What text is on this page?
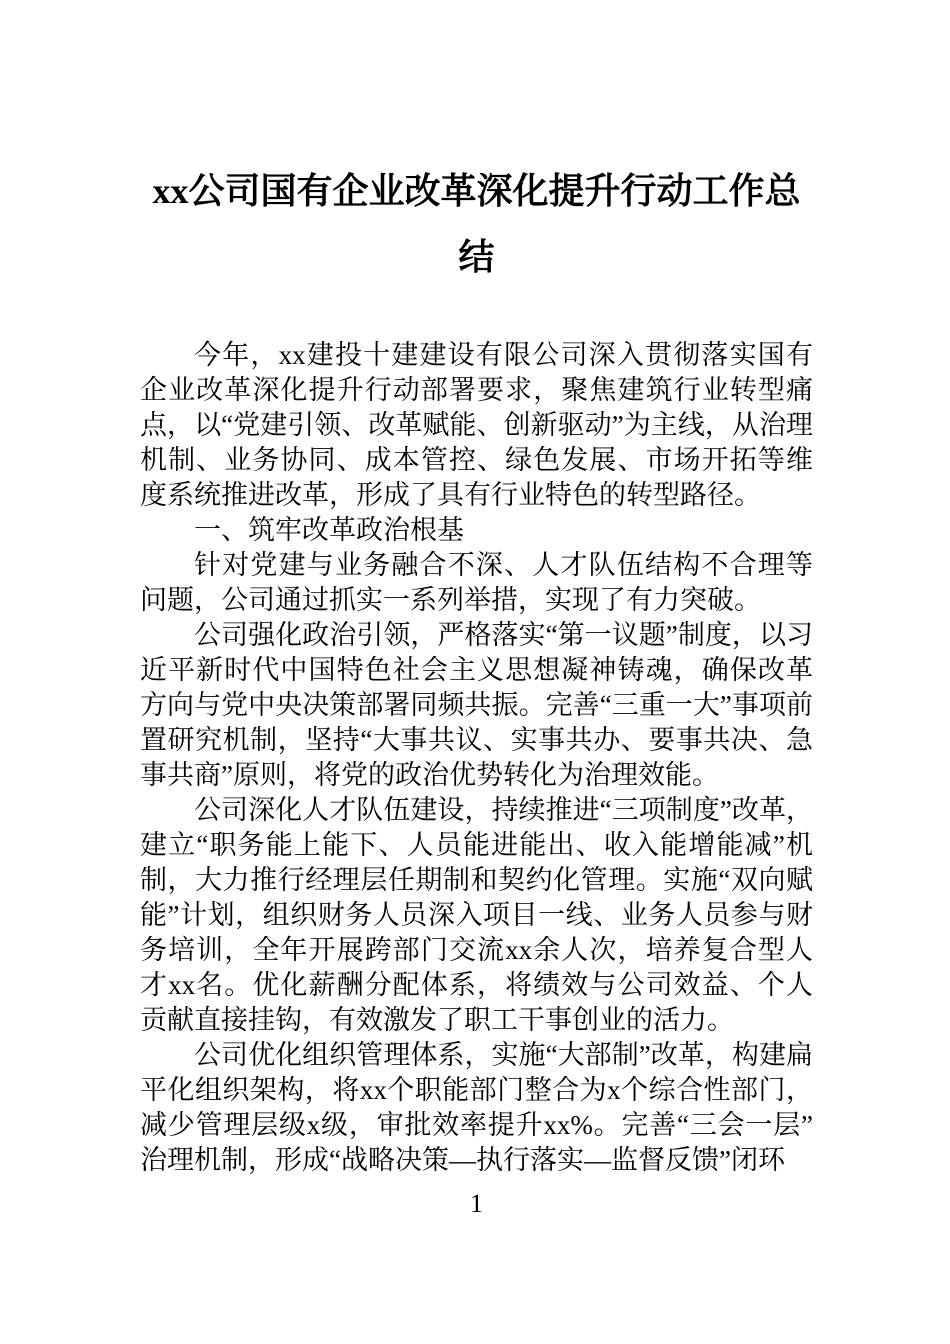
xx公司国有企业改革深化提升行动工作总结

今年，xx建投十建建设有限公司深入贯彻落实国有企业改革深化提升行动部署要求，聚焦建筑行业转型痛点，以“党建引领、改革赋能、创新驱动”为主线，从治理机制、业务协同、成本管控、绿色发展、市场开拓等维度系统推进改革，形成了具有行业特色的转型路径。

一、筑牢改革政治根基

针对党建与业务融合不深、人才队伍结构不合理等问题，公司通过抓实一系列举措，实现了有力突破。

公司强化政治引领，严格落实“第一议题”制度，以习近平新时代中国特色社会主义思想凝神铸魂，确保改革方向与党中央决策部署同频共振。完善“三重一大”事项前置研究机制，坚持“大事共议、实事共办、要事共决、急事共商”原则，将党的政治优势转化为治理效能。

公司深化人才队伍建设，持续推进“三项制度”改革，建立“职务能上能下、人员能进能出、收入能增能减”机制，大力推行经理层任期制和契约化管理。实施“双向赋能”计划，组织财务人员深入项目一线、业务人员参与财务培训，全年开展跨部门交流xx余人次，培养复合型人才xx名。优化薪酬分配体系，将绩效与公司效益、个人贡献直接挂钩，有效激发了职工干事创业的活力。

公司优化组织管理体系，实施“大部制”改革，构建扁平化组织架构，将xx个职能部门整合为x个综合性部门，减少管理层级x级，审批效率提升xx%。完善“三会一层”治理机制，形成“战略决策—执行落实—监督反馈”闭环

1
